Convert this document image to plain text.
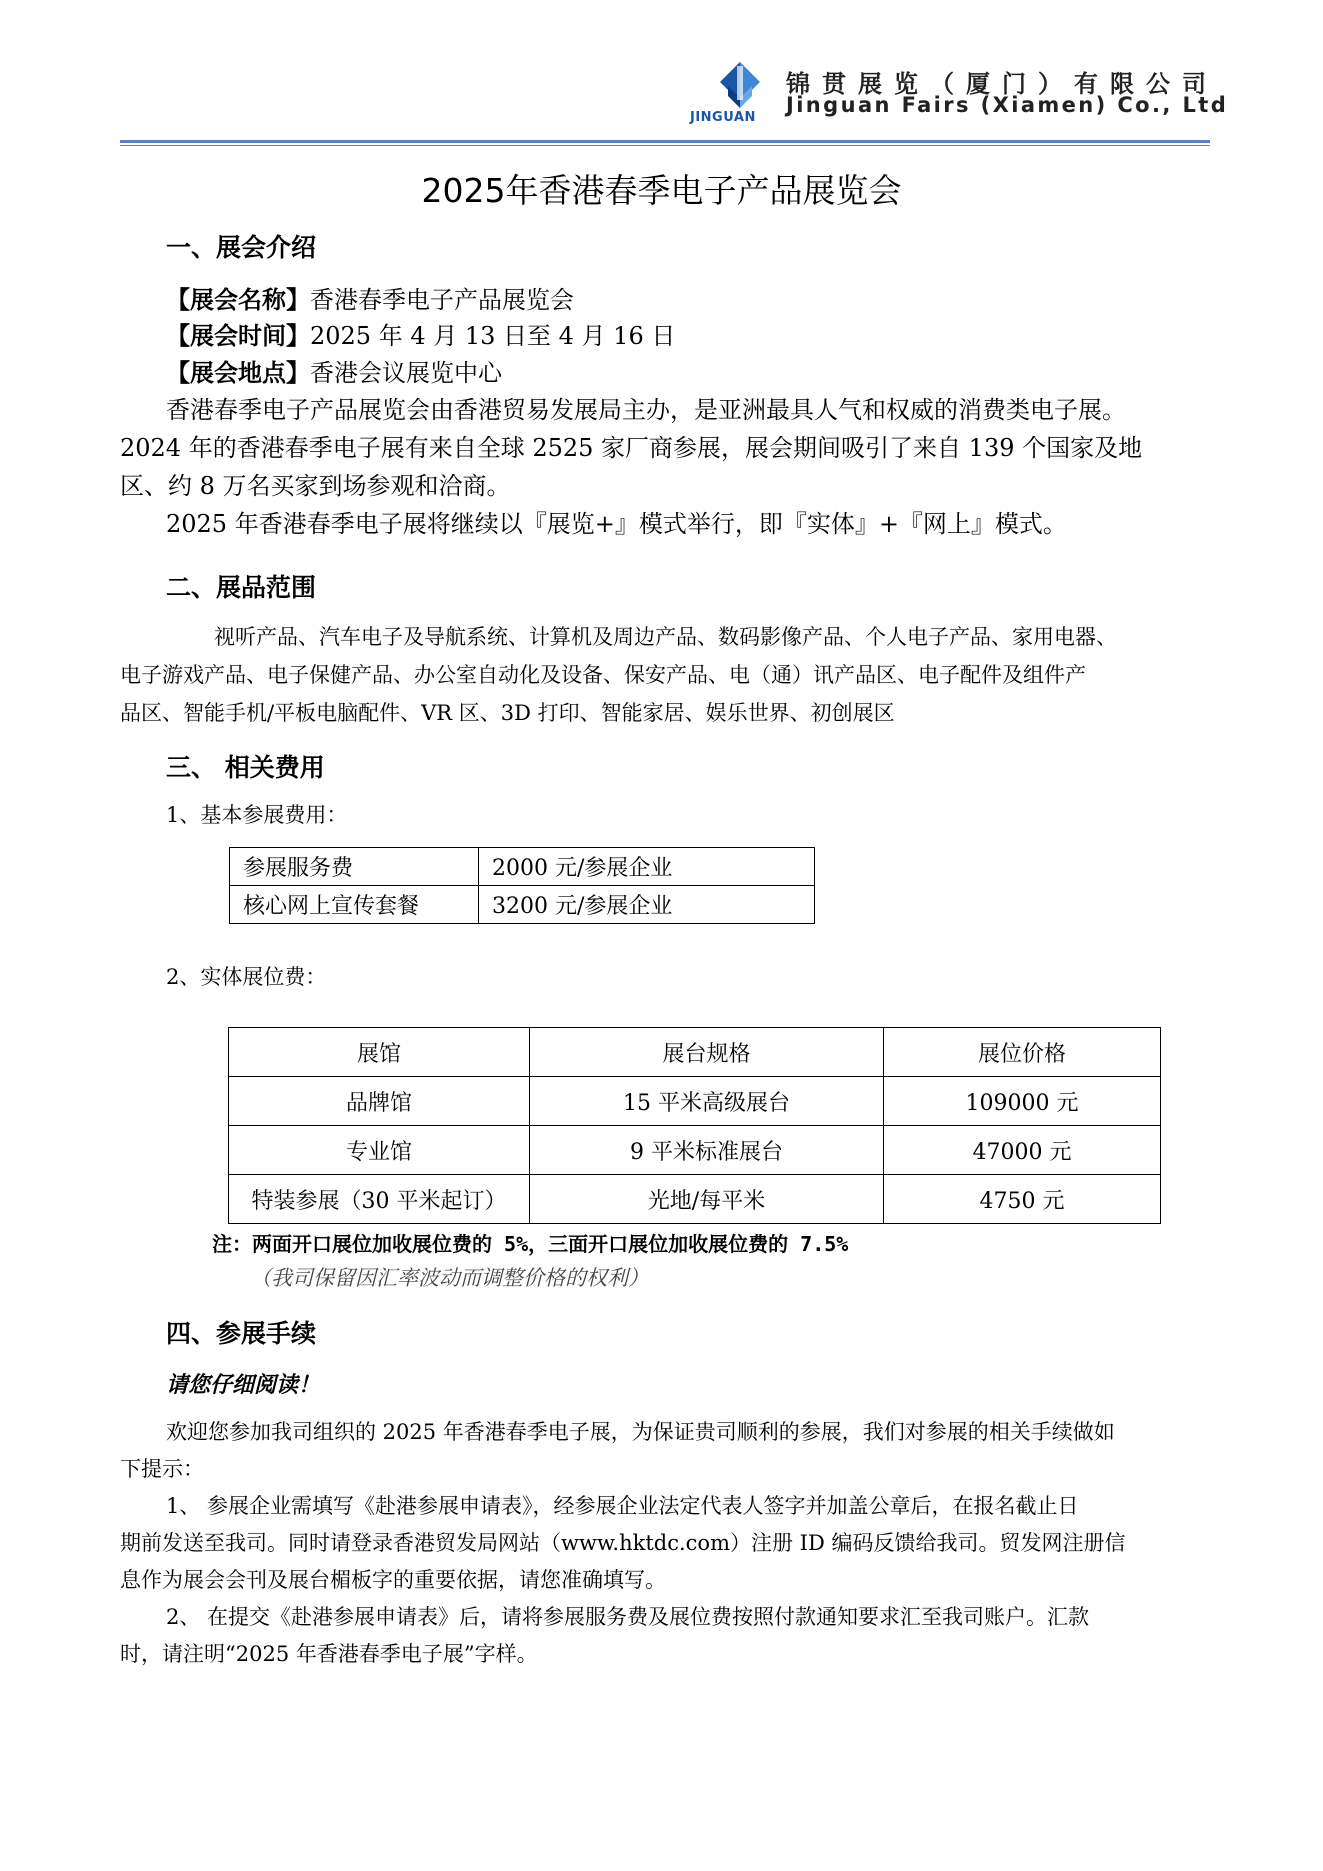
JINGUAN
锦贯展览（厦门）有限公司
Jinguan Fairs (Xiamen) Co., Ltd
2025年香港春季电子产品展览会
一、展会介绍
【展会名称】香港春季电子产品展览会
【展会时间】2025 年 4 月 13 日至 4 月 16 日
【展会地点】香港会议展览中心
香港春季电子产品展览会由香港贸易发展局主办，是亚洲最具人气和权威的消费类电子展。
2024 年的香港春季电子展有来自全球 2525 家厂商参展，展会期间吸引了来自 139 个国家及地
区、约 8 万名买家到场参观和洽商。
2025 年香港春季电子展将继续以『展览+』模式举行，即『实体』+『网上』模式。
二、展品范围
视听产品、汽车电子及导航系统、计算机及周边产品、数码影像产品、个人电子产品、家用电器、
电子游戏产品、电子保健产品、办公室自动化及设备、保安产品、电（通）讯产品区、电子配件及组件产
品区、智能手机/平板电脑配件、VR 区、3D 打印、智能家居、娱乐世界、初创展区
三、 相关费用
1、基本参展费用：
参展服务费	2000 元/参展企业
核心网上宣传套餐	3200 元/参展企业
2、实体展位费：
展馆	展台规格	展位价格
品牌馆	15 平米高级展台	109000 元
专业馆	9 平米标准展台	47000 元
特装参展（30 平米起订）	光地/每平米	4750 元
注：两面开口展位加收展位费的 5%，三面开口展位加收展位费的 7.5%
（我司保留因汇率波动而调整价格的权利）
四、参展手续
请您仔细阅读！
欢迎您参加我司组织的 2025 年香港春季电子展，为保证贵司顺利的参展，我们对参展的相关手续做如
下提示：
1、 参展企业需填写《赴港参展申请表》，经参展企业法定代表人签字并加盖公章后，在报名截止日
期前发送至我司。同时请登录香港贸发局网站（www.hktdc.com）注册 ID 编码反馈给我司。贸发网注册信
息作为展会会刊及展台楣板字的重要依据，请您准确填写。
2、 在提交《赴港参展申请表》后，请将参展服务费及展位费按照付款通知要求汇至我司账户。汇款
时，请注明“2025 年香港春季电子展”字样。
